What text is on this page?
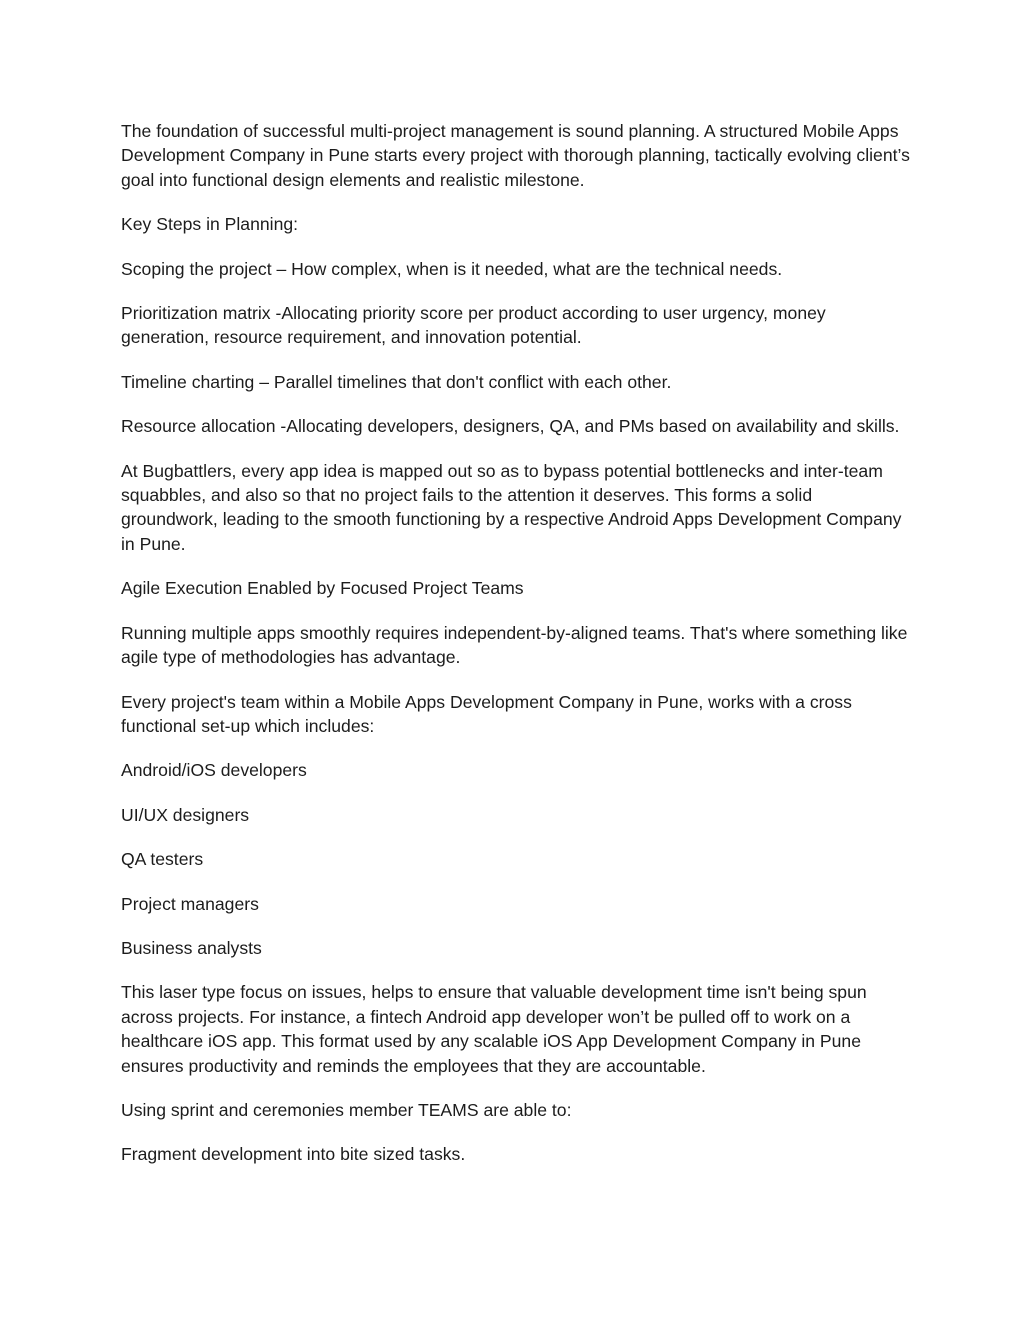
The foundation of successful multi-project management is sound planning. A structured Mobile Apps Development Company in Pune starts every project with thorough planning, tactically evolving client’s goal into functional design elements and realistic milestone.

Key Steps in Planning:

Scoping the project – How complex, when is it needed, what are the technical needs.

Prioritization matrix -Allocating priority score per product according to user urgency, money generation, resource requirement, and innovation potential.

Timeline charting – Parallel timelines that don't conflict with each other.

Resource allocation -Allocating developers, designers, QA, and PMs based on availability and skills.

At Bugbattlers, every app idea is mapped out so as to bypass potential bottlenecks and inter-team squabbles, and also so that no project fails to the attention it deserves. This forms a solid groundwork, leading to the smooth functioning by a respective Android Apps Development Company in Pune.

Agile Execution Enabled by Focused Project Teams

Running multiple apps smoothly requires independent-by-aligned teams. That's where something like agile type of methodologies has advantage.

Every project's team within a Mobile Apps Development Company in Pune, works with a cross functional set-up which includes:

Android/iOS developers

UI/UX designers

QA testers

Project managers

Business analysts

This laser type focus on issues, helps to ensure that valuable development time isn't being spun across projects. For instance, a fintech Android app developer won’t be pulled off to work on a healthcare iOS app. This format used by any scalable iOS App Development Company in Pune ensures productivity and reminds the employees that they are accountable.

Using sprint and ceremonies member TEAMS are able to:

Fragment development into bite sized tasks.
